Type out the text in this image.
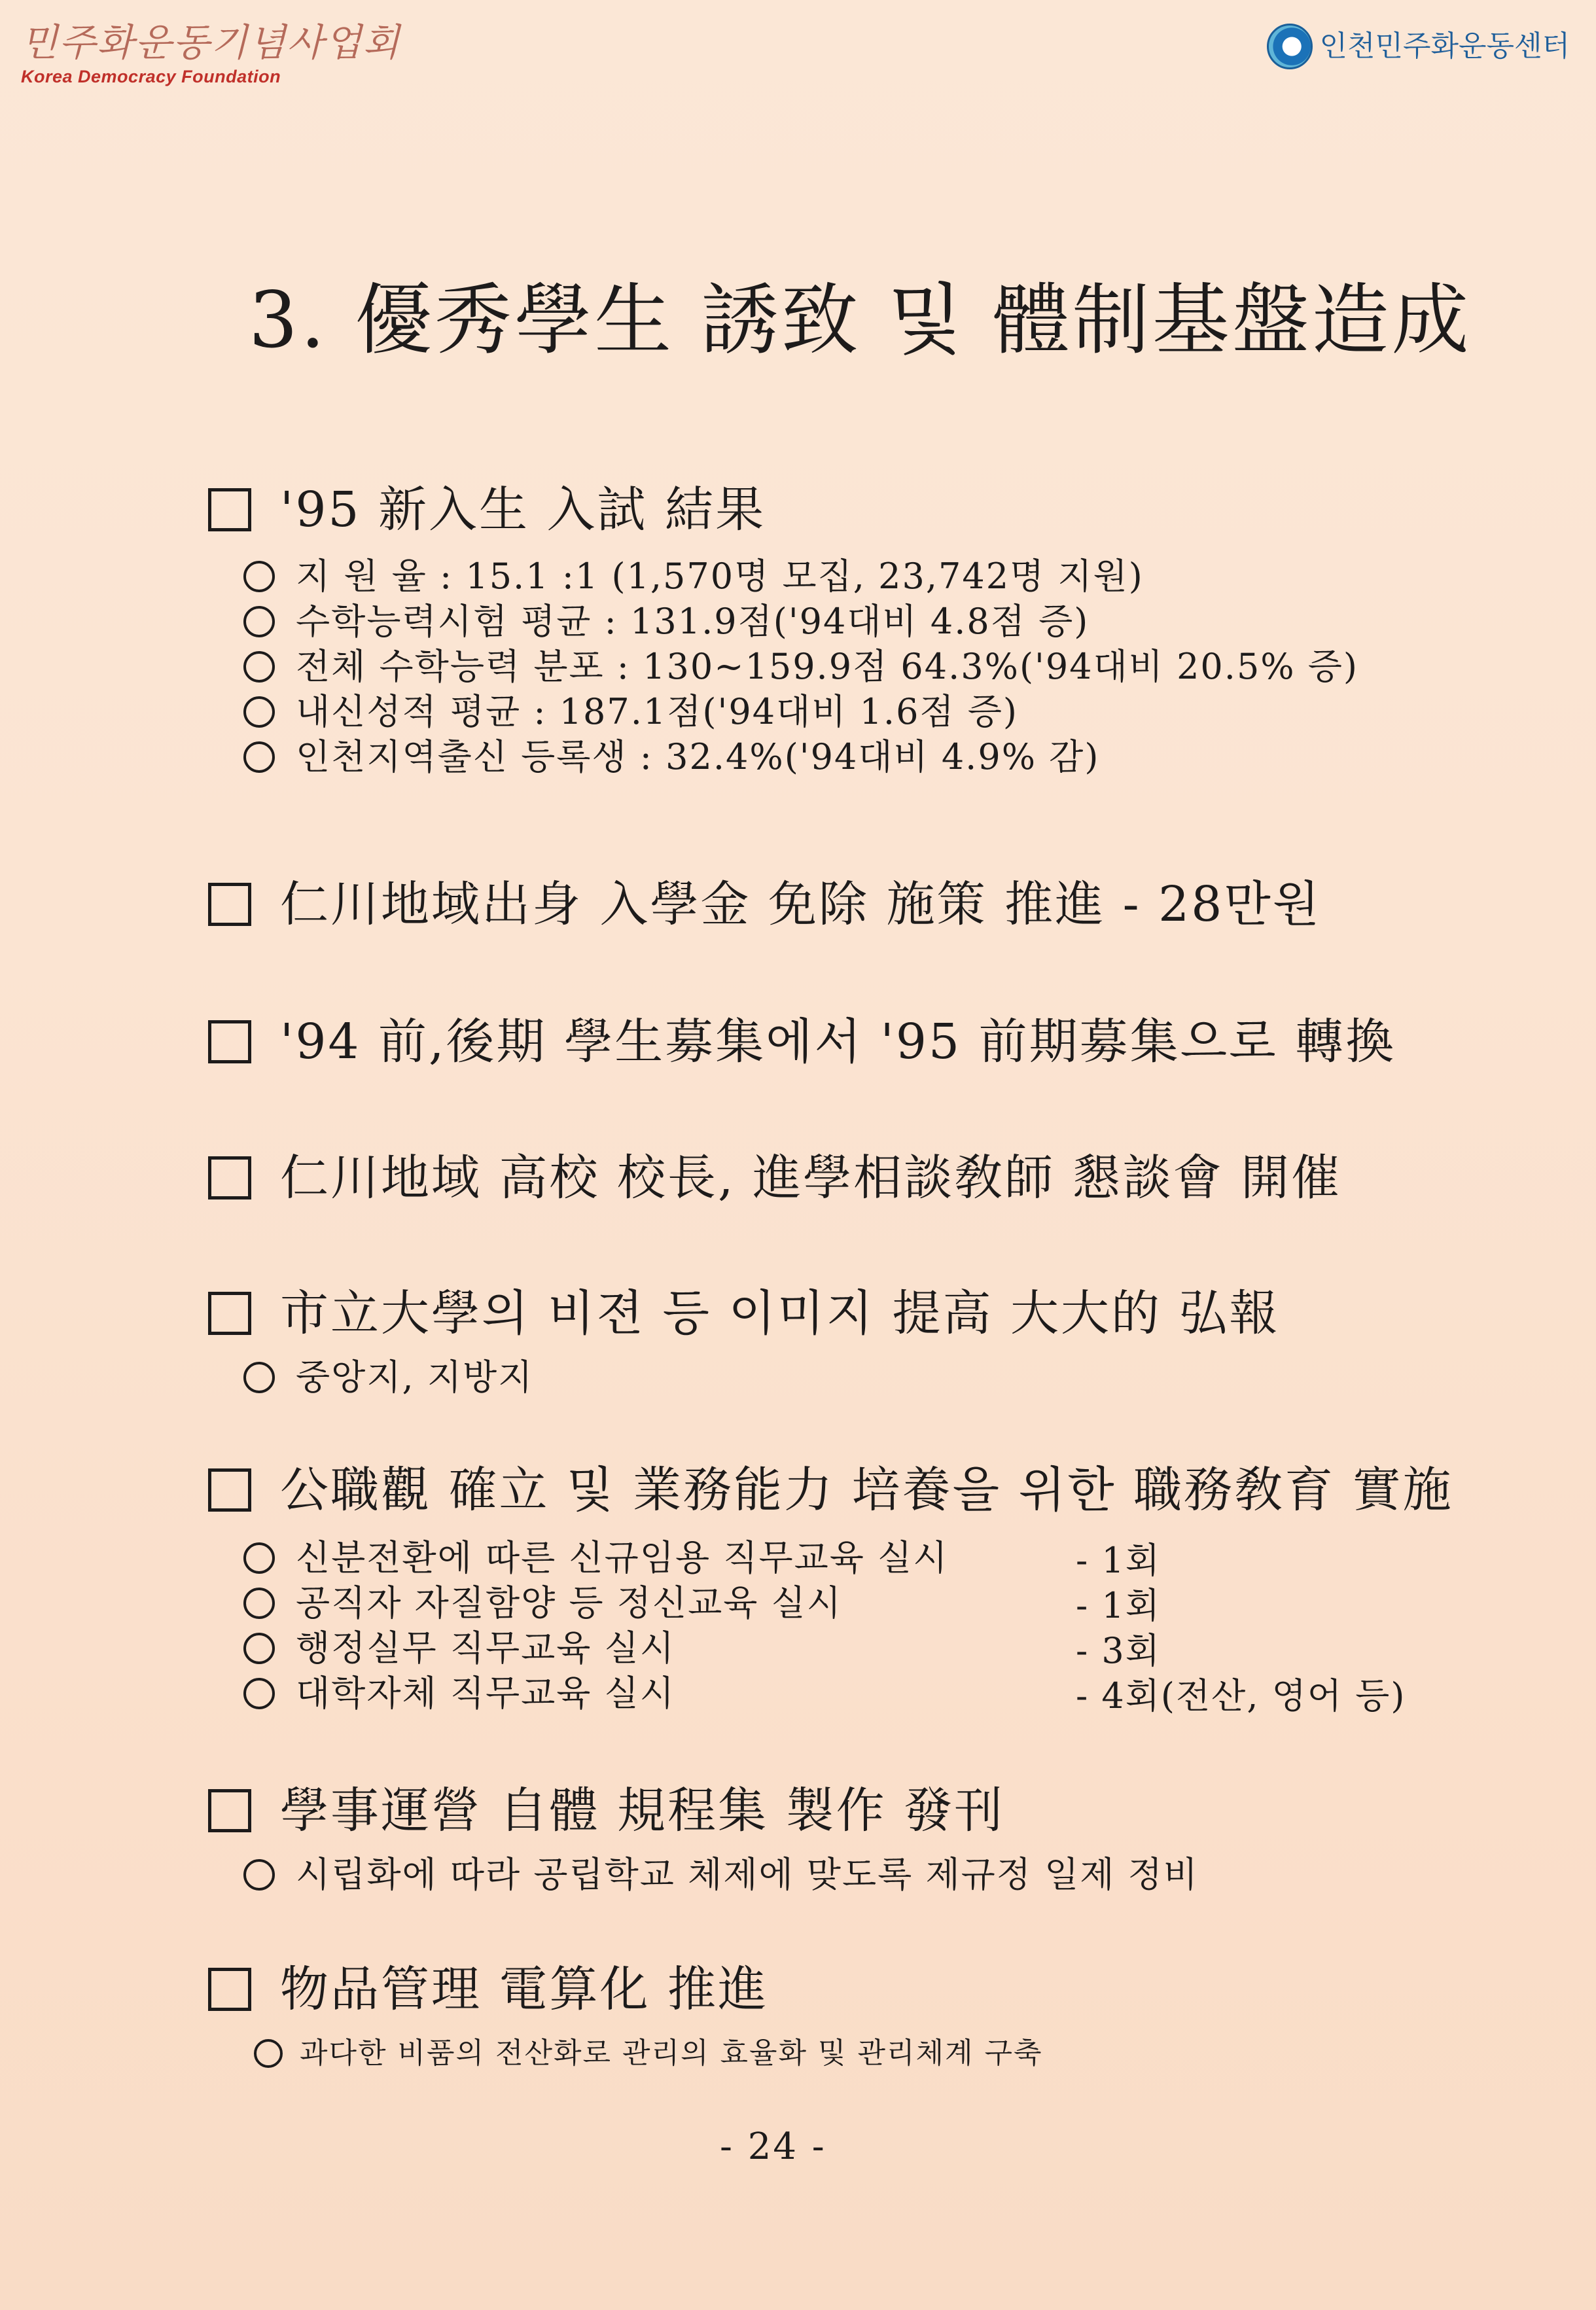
민주화운동기념사업회
Korea Democracy Foundation
인천민주화운동센터
3. 優秀學生 誘致 및 體制基盤造成
'95 新入生 入試 結果
지 원 율 : 15.1 :1 (1,570명 모집, 23,742명 지원)
수학능력시험 평균 : 131.9점('94대비 4.8점 증)
전체 수학능력 분포 : 130~159.9점 64.3%('94대비 20.5% 증)
내신성적 평균 : 187.1점('94대비 1.6점 증)
인천지역출신 등록생 : 32.4%('94대비 4.9% 감)
仁川地域出身 入學金 免除 施策 推進 - 28만원
'94 前,後期 學生募集에서 '95 前期募集으로 轉換
仁川地域 高校 校長, 進學相談敎師 懇談會 開催
市立大學의 비젼 등 이미지 提高 大大的 弘報
중앙지, 지방지
公職觀 確立 및 業務能力 培養을 위한 職務敎育 實施
신분전환에 따른 신규임용 직무교육 실시	- 1회
공직자 자질함양 등 정신교육 실시	- 1회
행정실무 직무교육 실시	- 3회
대학자체 직무교육 실시	- 4회(전산, 영어 등)
學事運營 自體 規程集 製作 發刊
시립화에 따라 공립학교 체제에 맞도록 제규정 일제 정비
物品管理 電算化 推進
과다한 비품의 전산화로 관리의 효율화 및 관리체계 구축
- 24 -
